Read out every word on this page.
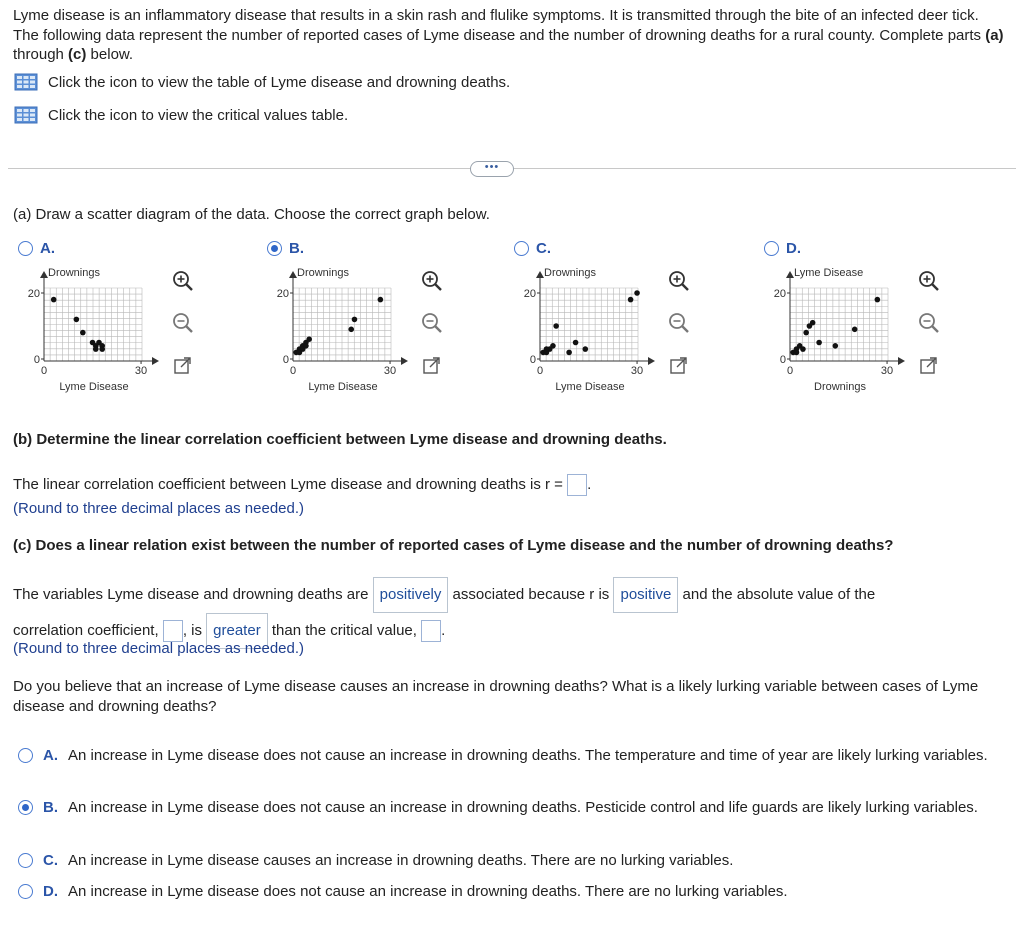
Lyme disease is an inflammatory disease that results in a skin rash and flulike symptoms. It is transmitted through the bite of an infected deer tick. The following data represent the number of reported cases of Lyme disease and the number of drowning deaths for a rural county. Complete parts (a) through (c) below.
Click the icon to view the table of Lyme disease and drowning deaths.
Click the icon to view the critical values table.
•••
(a) Draw a scatter diagram of the data. Choose the correct graph below.
A.
Drownings
20
0
0	30
Lyme Disease
B.
Drownings
20
0
0	30
Lyme Disease
C.
Drownings
20
0
0	30
Lyme Disease
D.
Lyme Disease
20
0
0	30
Drownings
(b) Determine the linear correlation coefficient between Lyme disease and drowning deaths.
The linear correlation coefficient between Lyme disease and drowning deaths is r = .
(Round to three decimal places as needed.)
(c) Does a linear relation exist between the number of reported cases of Lyme disease and the number of drowning deaths?
The variables Lyme disease and drowning deaths are positively associated because r is positive and the absolute value of the
correlation coefficient, , is greater than the critical value, .
(Round to three decimal places as needed.)
Do you believe that an increase of Lyme disease causes an increase in drowning deaths? What is a likely lurking variable between cases of Lyme disease and drowning deaths?
A. An increase in Lyme disease does not cause an increase in drowning deaths. The temperature and time of year are likely lurking variables.
B. An increase in Lyme disease does not cause an increase in drowning deaths. Pesticide control and life guards are likely lurking variables.
C. An increase in Lyme disease causes an increase in drowning deaths. There are no lurking variables.
D. An increase in Lyme disease does not cause an increase in drowning deaths. There are no lurking variables.
